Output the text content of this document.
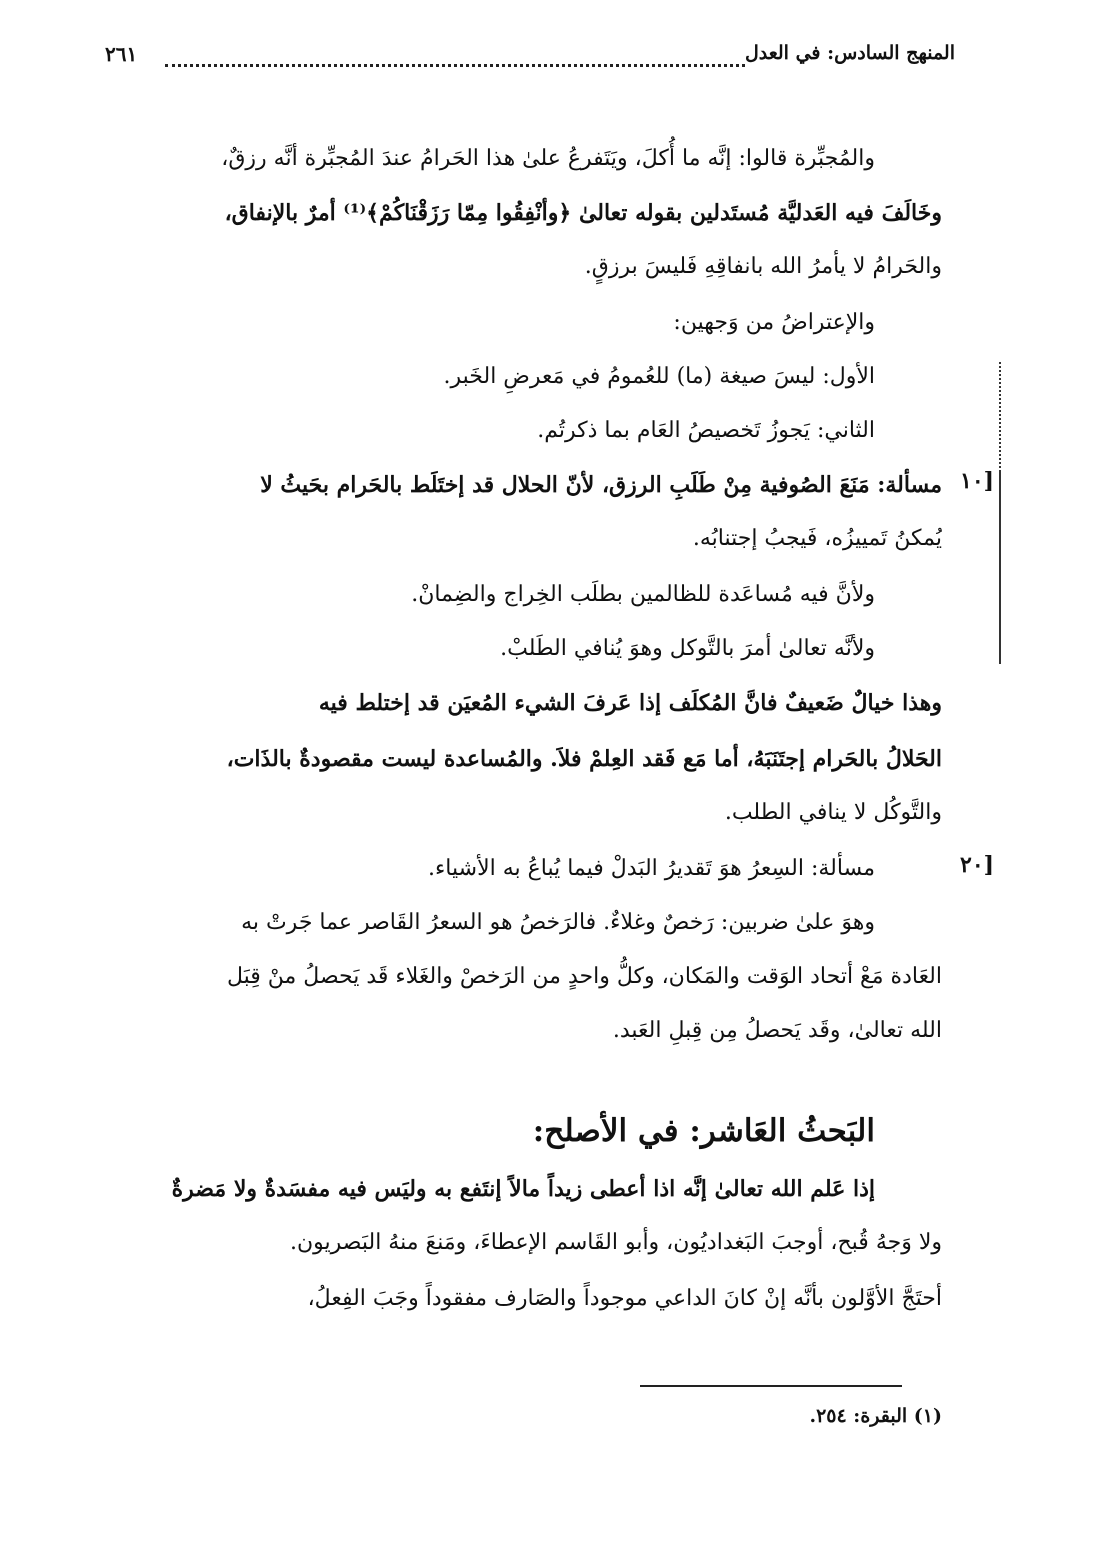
المنهج السادس: في العدل
٢٦١
والمُجبِّرة قالوا: إنَّه ما أُكلَ، ويَتَفرعُ علىٰ هذا الحَرامُ عندَ المُجبِّرة أنَّه رزقٌ،
وخَالَفَ فيه العَدليَّة مُستَدلين بقوله تعالىٰ ﴿وأنْفِقُوا مِمّا رَزَقْنَاكُمْ﴾⁽¹⁾ أمرٌ بالإنفاق،
والحَرامُ لا يأمرُ الله بانفاقِهِ فَليسَ برزقٍ.
والإعتراضُ من وَجهين:
الأول: ليسَ صيغة (ما) للعُمومُ في مَعرضِ الخَبر.
الثاني: يَجوزُ تَخصيصُ العَام بما ذكرتُم.
مسألة: مَنَعَ الصُوفية مِنْ طَلَبِ الرزق، لأنّ الحلال قد إختَلَط بالحَرام بحَيثُ لا
يُمكنُ تَمييزُه، فَيجبُ إجتنابُه.
ولأنَّ فيه مُساعَدة للظالمين بطلَب الخِراج والضِمانْ.
ولأنَّه تعالىٰ أمرَ بالتَّوكل وهوَ يُنافي الطَلبْ.
وهذا خيالٌ ضَعيفٌ فانَّ المُكلَف إذا عَرفَ الشيء المُعيَن قد إختلط فيه
الحَلالُ بالحَرام إجتَنَبَهُ، أما مَع فَقد العِلمْ فلاَ. والمُساعدة ليست مقصودةٌ بالذَات،
والتَّوكُل لا ينافي الطلب.
مسألة: السِعرُ هوَ تَقديرُ البَدلْ فيما يُباعُ به الأشياء.
وهوَ علىٰ ضربين: رَخصٌ وغلاءٌ. فالرَخصُ هو السعرُ القَاصر عما جَرتْ به
العَادة مَعْ أتحاد الوَقت والمَكان، وكلُّ واحدٍ من الرَخصْ والغَلاء قَد يَحصلُ منْ قِبَل
الله تعالىٰ، وقَد يَحصلُ مِن قِبلِ العَبد.
١٠]
٢٠]
البَحثُ العَاشر: في الأصلح:
إذا عَلم الله تعالىٰ إنَّه اذا أعطى زيداً مالاً إنتَفع به وليَس فيه مفسَدةٌ ولا مَضرةٌ
ولا وَجهُ قُبح، أوجبَ البَغداديُون، وأبو القَاسم الإعطاءَ، ومَنعَ منهُ البَصريون.
أحتَجَّ الأوَّلون بأنَّه إنْ كانَ الداعي موجوداً والصَارف مفقوداً وجَبَ الفِعلُ،
(١) البقرة: ٢٥٤.
